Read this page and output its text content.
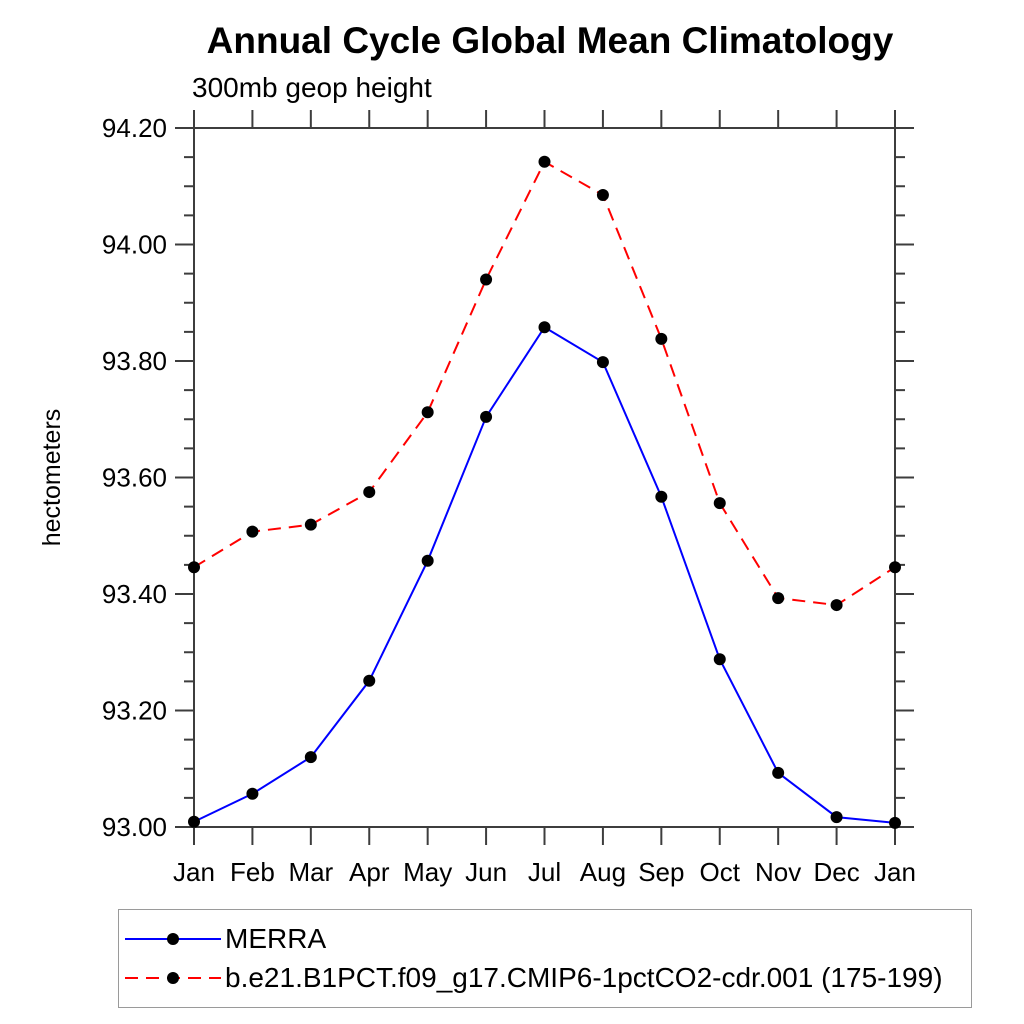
Annual Cycle Global Mean Climatology
300mb geop height
93.00
93.20
93.40
93.60
93.80
94.00
94.20
Jan Feb Mar Apr May Jun Jul Aug Sep Oct Nov Dec Jan
hectometers
MERRA
b.e21.B1PCT.f09_g17.CMIP6-1pctCO2-cdr.001 (175-199)
